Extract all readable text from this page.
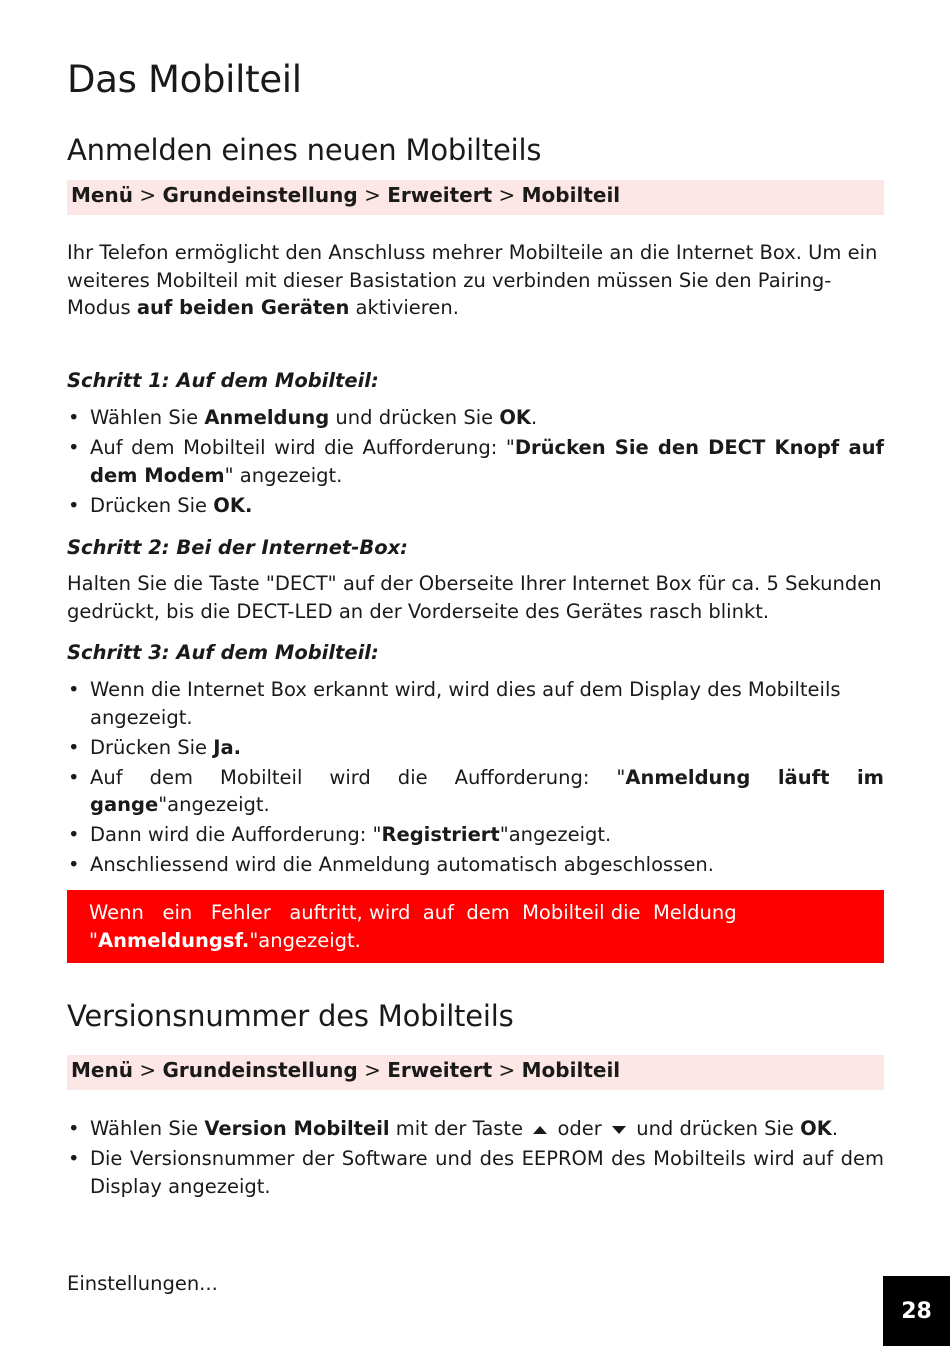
Das Mobilteil
Anmelden eines neuen Mobilteils
Menü > Grundeinstellung > Erweitert > Mobilteil

Ihr Telefon ermöglicht den Anschluss mehrer Mobilteile an die Internet Box. Um ein weiteres Mobilteil mit dieser Basistation zu verbinden müssen Sie den Pairing-Modus auf beiden Geräten aktivieren.

Schritt 1: Auf dem Mobilteil:

• Wählen Sie Anmeldung und drücken Sie OK.
• Auf dem Mobilteil wird die Aufforderung: "Drücken Sie den DECT Knopf auf dem Modem" angezeigt.
• Drücken Sie OK.

Schritt 2: Bei der Internet-Box:

Halten Sie die Taste "DECT" auf der Oberseite Ihrer Internet Box für ca. 5 Sekunden gedrückt, bis die DECT-LED an der Vorderseite des Gerätes rasch blinkt.

Schritt 3: Auf dem Mobilteil:

• Wenn die Internet Box erkannt wird, wird dies auf dem Display des Mobilteils angezeigt.
• Drücken Sie Ja.
• Auf dem Mobilteil wird die Aufforderung: "Anmeldung läuft im gange"angezeigt.
• Dann wird die Aufforderung: "Registriert"angezeigt.
• Anschliessend wird die Anmeldung automatisch abgeschlossen.
Wenn   ein   Fehler   auftritt, wird  auf  dem  Mobilteil die  Meldung
"Anmeldungsf."angezeigt.
Versionsnummer des Mobilteils
Menü > Grundeinstellung > Erweitert > Mobilteil
• Wählen Sie Version Mobilteil mit der Taste  oder  und drücken Sie OK.
• Die Versionsnummer der Software und des EEPROM des Mobilteils wird auf dem Display angezeigt.
Einstellungen...
28
